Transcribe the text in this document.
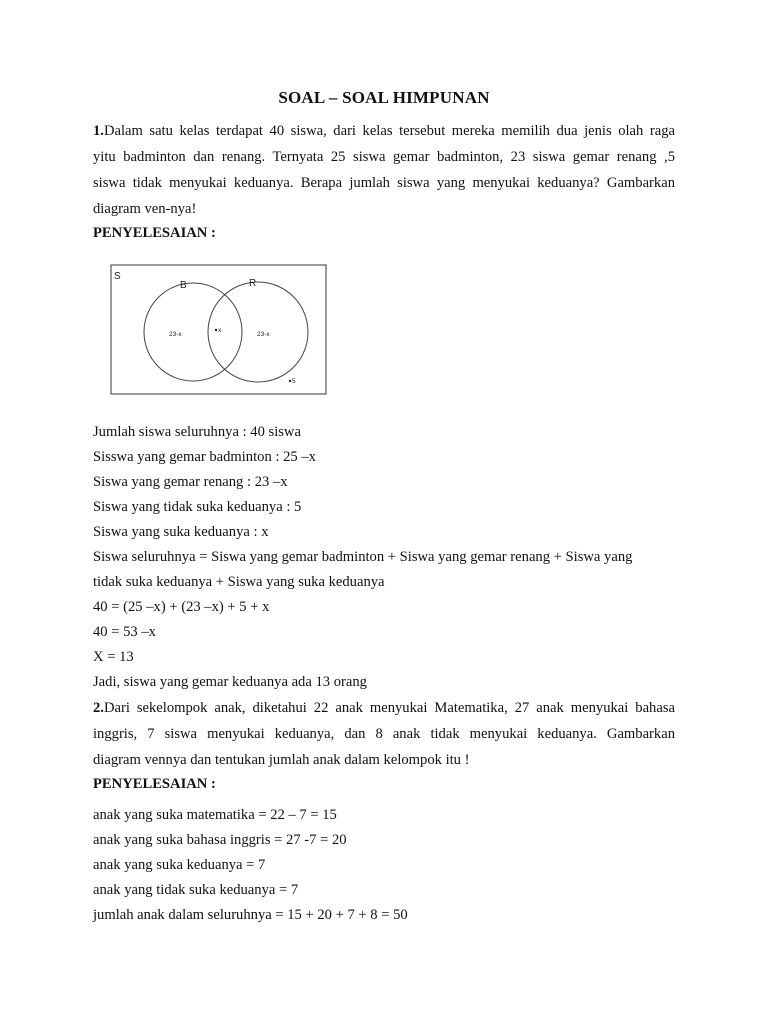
SOAL – SOAL HIMPUNAN
1.Dalam satu kelas terdapat 40 siswa, dari kelas tersebut mereka memilih dua jenis olah raga
yitu badminton dan renang. Ternyata 25 siswa gemar badminton, 23 siswa gemar renang ,5
siswa tidak menyukai keduanya. Berapa jumlah siswa yang menyukai keduanya? Gambarkan
diagram ven-nya!
PENYELESAIAN :
S
B	R
23-x
x
23-x
5
Jumlah siswa seluruhnya : 40 siswa
Sisswa yang gemar badminton : 25 –x
Siswa yang gemar renang : 23 –x
Siswa yang tidak suka keduanya : 5
Siswa yang suka keduanya : x
Siswa seluruhnya = Siswa yang gemar badminton + Siswa yang gemar renang + Siswa yang
tidak suka keduanya + Siswa yang suka keduanya
40 = (25 –x) + (23 –x) + 5 + x
40 = 53 –x
X = 13
Jadi, siswa yang gemar keduanya ada 13 orang
2.Dari sekelompok anak, diketahui 22 anak menyukai Matematika, 27 anak menyukai bahasa
inggris, 7 siswa menyukai keduanya, dan 8 anak tidak menyukai keduanya. Gambarkan
diagram vennya dan tentukan jumlah anak dalam kelompok itu !
PENYELESAIAN :
anak yang suka matematika = 22 – 7 = 15
anak yang suka bahasa inggris = 27 -7 = 20
anak yang suka keduanya = 7
anak yang tidak suka keduanya = 7
jumlah anak dalam seluruhnya = 15 + 20 + 7 + 8 = 50
